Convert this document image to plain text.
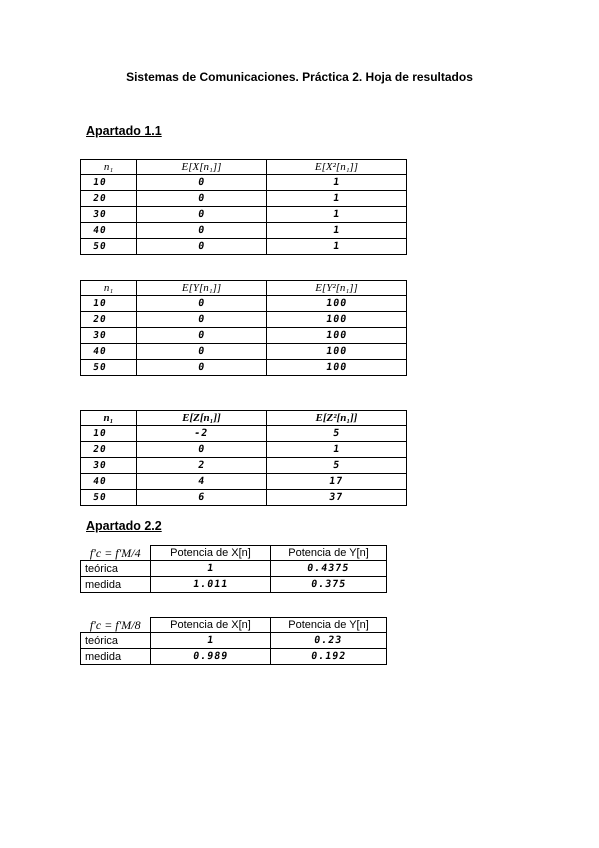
Sistemas de Comunicaciones. Práctica 2. Hoja de resultados
Apartado 1.1
n₁	E[X[n₁]]	E[X²[n₁]]
10	0	1
20	0	1
30	0	1
40	0	1
50	0	1
n₁	E[Y[n₁]]	E[Y²[n₁]]
10	0	100
20	0	100
30	0	100
40	0	100
50	0	100
n₁	E[Z[n₁]]	E[Z²[n₁]]
10	-2	5
20	0	1
30	2	5
40	4	17
50	6	37
Apartado 2.2
f′c = f′M/4	Potencia de X[n]	Potencia de Y[n]
teórica	1	0.4375
medida	1.011	0.375
f′c = f′M/8	Potencia de X[n]	Potencia de Y[n]
teórica	1	0.23
medida	0.989	0.192
